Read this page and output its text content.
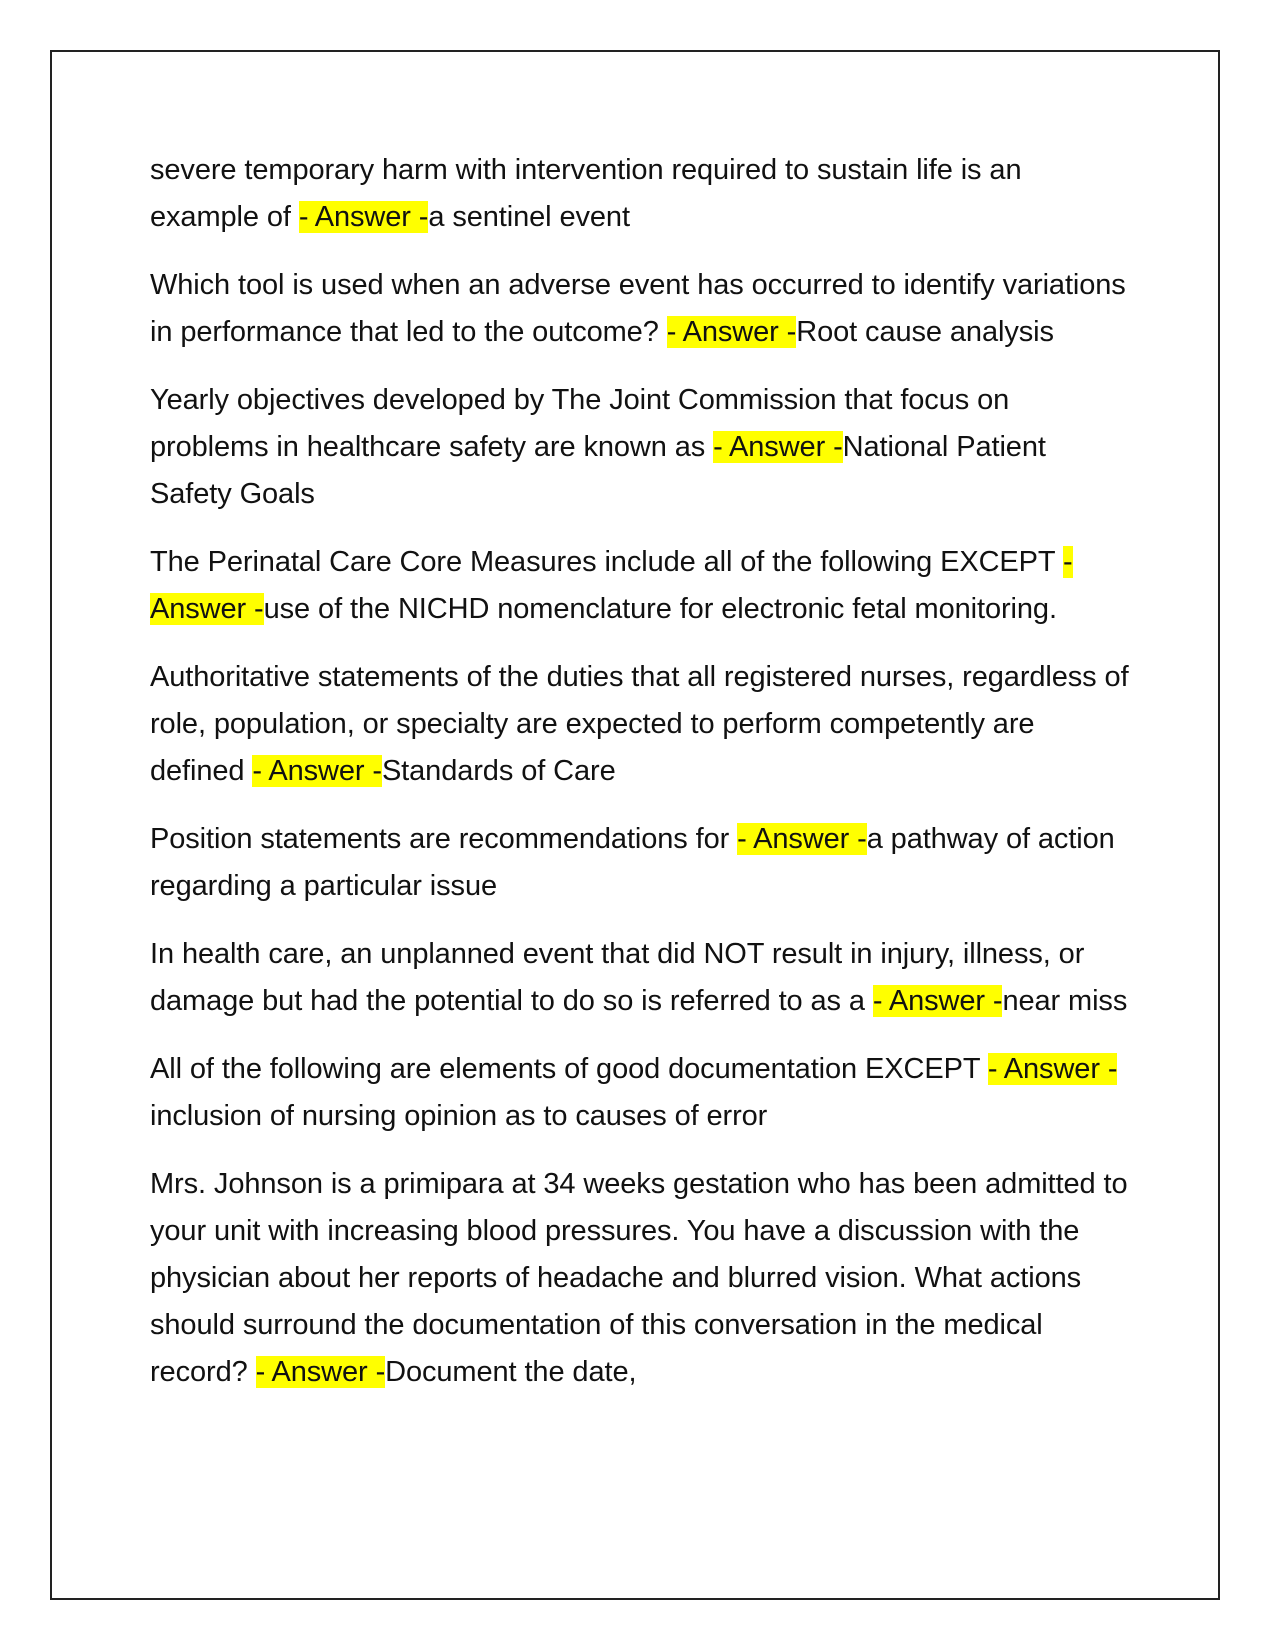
severe temporary harm with intervention required to sustain life is an example of - Answer -a sentinel event

Which tool is used when an adverse event has occurred to identify variations in performance that led to the outcome? - Answer -Root cause analysis

Yearly objectives developed by The Joint Commission that focus on problems in healthcare safety are known as - Answer -National Patient Safety Goals

The Perinatal Care Core Measures include all of the following EXCEPT - Answer -use of the NICHD nomenclature for electronic fetal monitoring.

Authoritative statements of the duties that all registered nurses, regardless of role, population, or specialty are expected to perform competently are defined - Answer -Standards of Care

Position statements are recommendations for - Answer -a pathway of action regarding a particular issue

In health care, an unplanned event that did NOT result in injury, illness, or damage but had the potential to do so is referred to as a - Answer -near miss

All of the following are elements of good documentation EXCEPT - Answer -inclusion of nursing opinion as to causes of error

Mrs. Johnson is a primipara at 34 weeks gestation who has been admitted to your unit with increasing blood pressures. You have a discussion with the physician about her reports of headache and blurred vision. What actions should surround the documentation of this conversation in the medical record? - Answer -Document the date,
